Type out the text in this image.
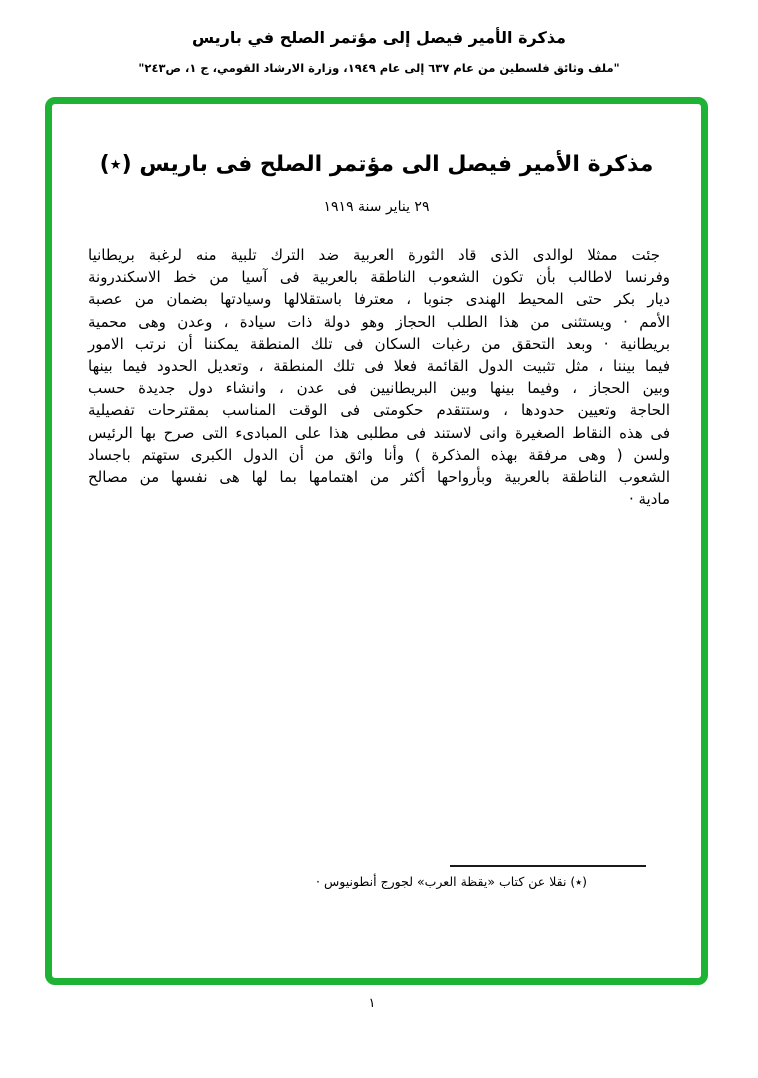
مذكرة الأمير فيصل إلى مؤتمر الصلح في باريس
"ملف وثائق فلسطين من عام ٦٣٧ إلى عام ١٩٤٩، وزارة الارشاد القومي، ج ١، ص٢٤٣"
مذكرة الأمير فيصل الى مؤتمر الصلح فى باريس (٭)
٢٩ يناير سنة ١٩١٩
جئت ممثلا لوالدى الذى قاد الثورة العربية ضد الترك تلبية منه لرغبة بريطانيا
وفرنسا لاطالب بأن تكون الشعوب الناطقة بالعربية فى آسيا من خط الاسكندرونة
ديار بكر حتى المحيط الهندى جنوبا ، معترفا باستقلالها وسيادتها بضمان من عصبة
الأمم · ويستثنى من هذا الطلب الحجاز وهو دولة ذات سيادة ، وعدن وهى محمية
بريطانية · وبعد التحقق من رغبات السكان فى تلك المنطقة يمكننا أن نرتب الامور
فيما بيننا ، مثل تثبيت الدول القائمة فعلا فى تلك المنطقة ، وتعديل الحدود فيما بينها
وبين الحجاز ، وفيما بينها وبين البريطانيين فى عدن ، وانشاء دول جديدة حسب
الحاجة وتعيين حدودها ، وستتقدم حكومتى فى الوقت المناسب بمقترحات تفصيلية
فى هذه النقاط الصغيرة وانى لاستند فى مطلبى هذا على المبادىء التى صرح بها الرئيس
ولسن ( وهى مرفقة بهذه المذكرة ) وأنا واثق من أن الدول الكبرى ستهتم باجساد
الشعوب الناطقة بالعربية وبأرواحها أكثر من اهتمامها بما لها هى نفسها من مصالح
مادية ·
(٭) نقلا عن كتاب «يقظة العرب» لجورج أنطونيوس ·
١
